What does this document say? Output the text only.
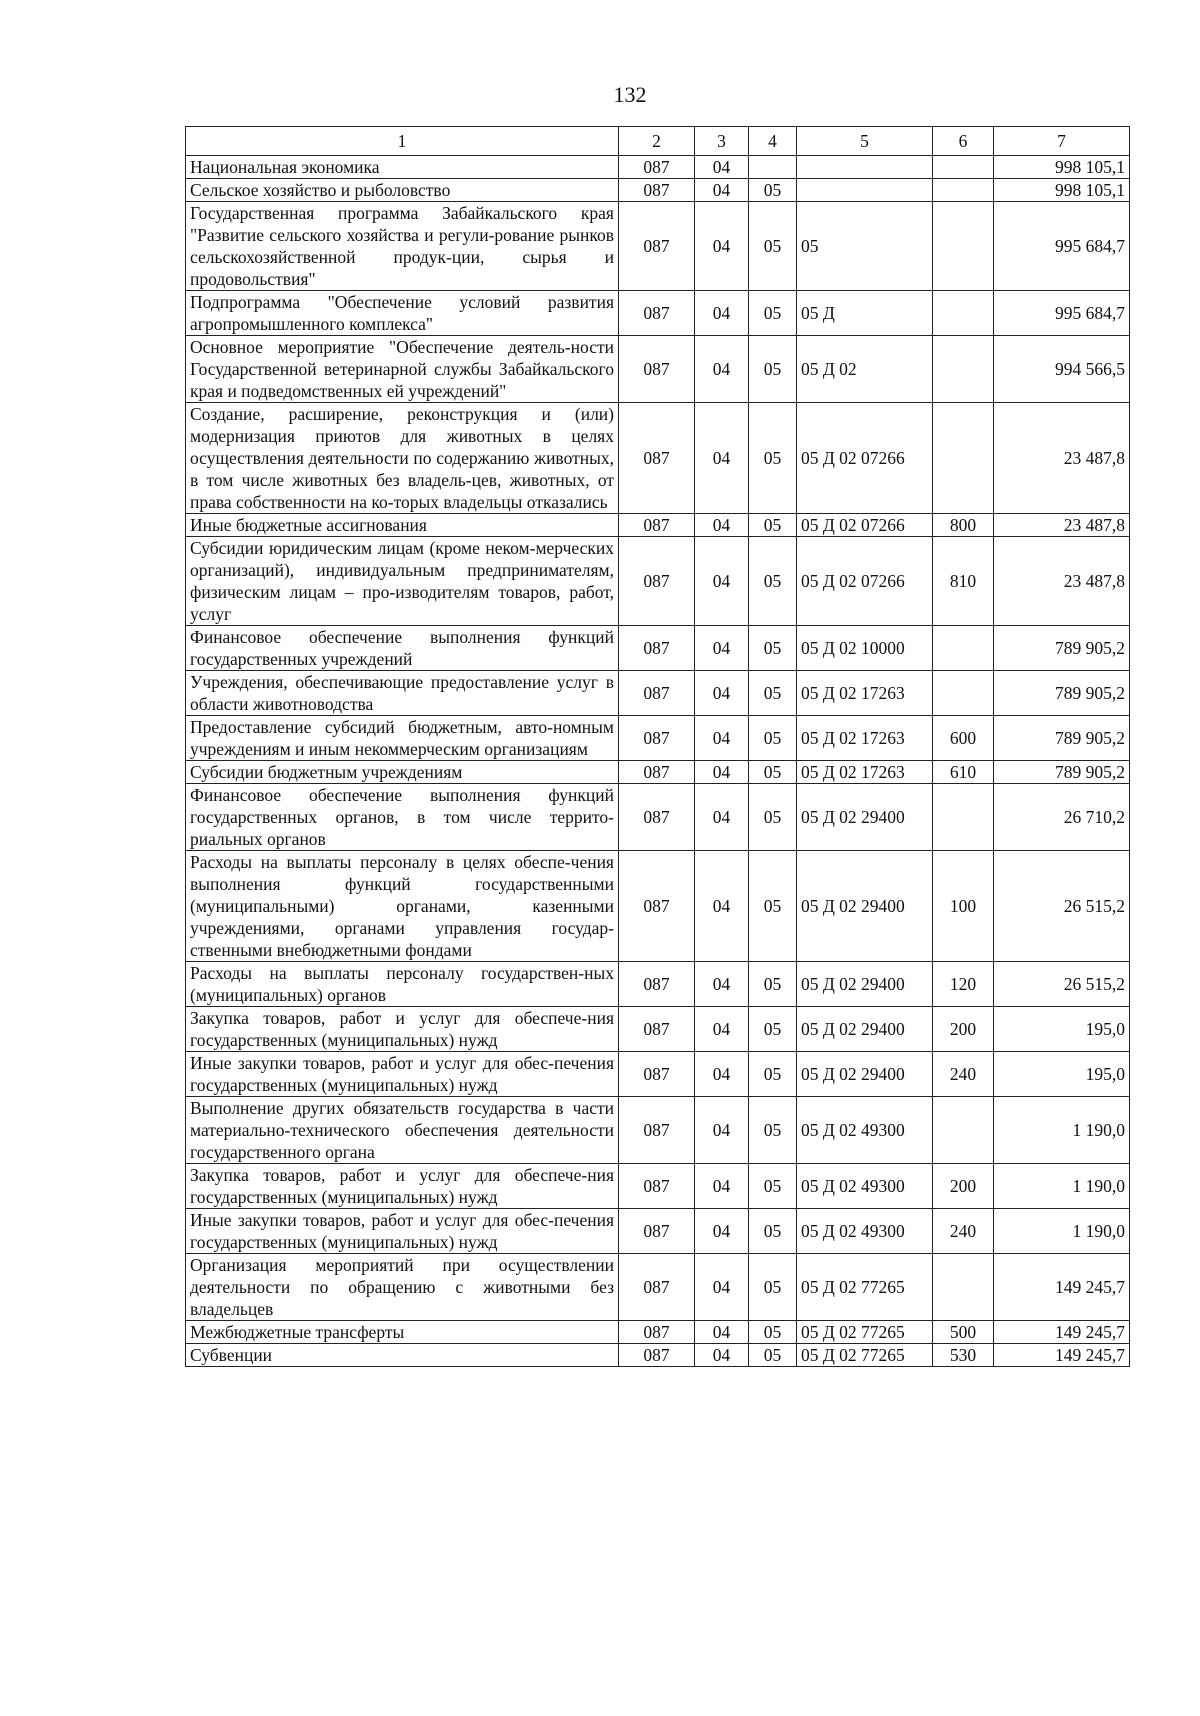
132
1	2	3	4	5	6	7
Национальная экономика	087	04				998 105,1
Сельское хозяйство и рыболовство	087	04	05			998 105,1
Государственная программа Забайкальского края "Развитие сельского хозяйства и регули-рование рынков сельскохозяйственной продук-ции, сырья и продовольствия"	087	04	05	05		995 684,7
Подпрограмма "Обеспечение условий развития агропромышленного комплекса"	087	04	05	05 Д		995 684,7
Основное мероприятие "Обеспечение деятель-ности Государственной ветеринарной службы Забайкальского края и подведомственных ей учреждений"	087	04	05	05 Д 02		994 566,5
Создание, расширение, реконструкция и (или) модернизация приютов для животных в целях осуществления деятельности по содержанию животных, в том числе животных без владель-цев, животных, от права собственности на ко-торых владельцы отказались	087	04	05	05 Д 02 07266		23 487,8
Иные бюджетные ассигнования	087	04	05	05 Д 02 07266	800	23 487,8
Субсидии юридическим лицам (кроме неком-мерческих организаций), индивидуальным предпринимателям, физическим лицам – про-изводителям товаров, работ, услуг	087	04	05	05 Д 02 07266	810	23 487,8
Финансовое обеспечение выполнения функций государственных учреждений	087	04	05	05 Д 02 10000		789 905,2
Учреждения, обеспечивающие предоставление услуг в области животноводства	087	04	05	05 Д 02 17263		789 905,2
Предоставление субсидий бюджетным, авто-номным учреждениям и иным некоммерческим организациям	087	04	05	05 Д 02 17263	600	789 905,2
Субсидии бюджетным учреждениям	087	04	05	05 Д 02 17263	610	789 905,2
Финансовое обеспечение выполнения функций государственных органов, в том числе террито-риальных органов	087	04	05	05 Д 02 29400		26 710,2
Расходы на выплаты персоналу в целях обеспе-чения выполнения функций государственными (муниципальными) органами, казенными учреждениями, органами управления государ-ственными внебюджетными фондами	087	04	05	05 Д 02 29400	100	26 515,2
Расходы на выплаты персоналу государствен-ных (муниципальных) органов	087	04	05	05 Д 02 29400	120	26 515,2
Закупка товаров, работ и услуг для обеспече-ния государственных (муниципальных) нужд	087	04	05	05 Д 02 29400	200	195,0
Иные закупки товаров, работ и услуг для обес-печения государственных (муниципальных) нужд	087	04	05	05 Д 02 29400	240	195,0
Выполнение других обязательств государства в части материально-технического обеспечения деятельности государственного органа	087	04	05	05 Д 02 49300		1 190,0
Закупка товаров, работ и услуг для обеспече-ния государственных (муниципальных) нужд	087	04	05	05 Д 02 49300	200	1 190,0
Иные закупки товаров, работ и услуг для обес-печения государственных (муниципальных) нужд	087	04	05	05 Д 02 49300	240	1 190,0
Организация мероприятий при осуществлении деятельности по обращению с животными без владельцев	087	04	05	05 Д 02 77265		149 245,7
Межбюджетные трансферты	087	04	05	05 Д 02 77265	500	149 245,7
Субвенции	087	04	05	05 Д 02 77265	530	149 245,7
